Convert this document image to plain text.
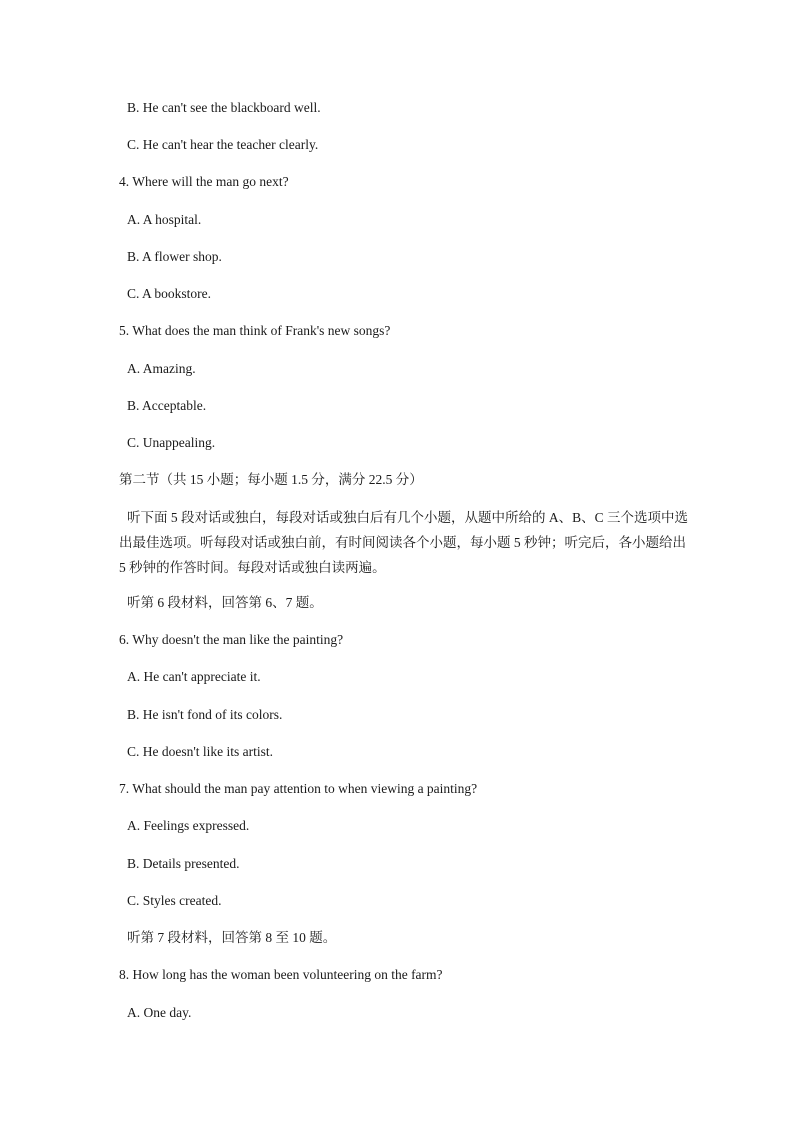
B. He can't see the blackboard well.
C. He can't hear the teacher clearly.
4. Where will the man go next?
A. A hospital.
B. A flower shop.
C. A bookstore.
5. What does the man think of Frank's new songs?
A. Amazing.
B. Acceptable.
C. Unappealing.
第二节（共 15 小题；每小题 1.5 分，满分 22.5 分）
听下面 5 段对话或独白，每段对话或独白后有几个小题，从题中所给的 A、B、C 三个选项中选出最佳选项。听每段对话或独白前，有时间阅读各个小题，每小题 5 秒钟；听完后，各小题给出 5 秒钟的作答时间。每段对话或独白读两遍。
听第 6 段材料，回答第 6、7 题。
6. Why doesn't the man like the painting?
A. He can't appreciate it.
B. He isn't fond of its colors.
C. He doesn't like its artist.
7. What should the man pay attention to when viewing a painting?
A. Feelings expressed.
B. Details presented.
C. Styles created.
听第 7 段材料，回答第 8 至 10 题。
8. How long has the woman been volunteering on the farm?
A. One day.
